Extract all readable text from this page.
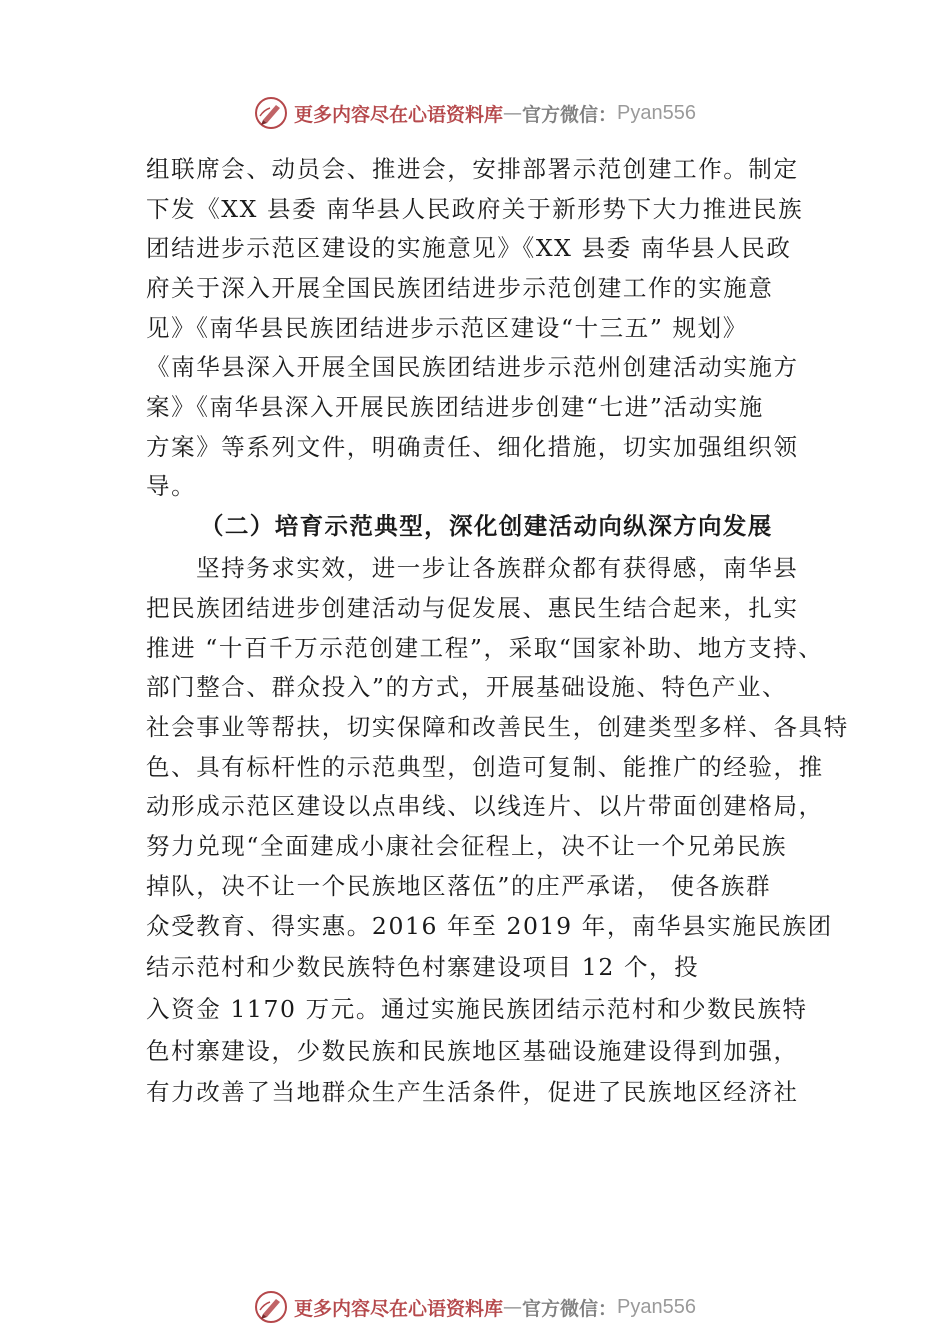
更多内容尽在心语资料库 — 官方微信： Pyan556
组联席会、动员会、推进会，安排部署示范创建工作。制定
下发《XX 县委 南华县人民政府关于新形势下大力推进民族
团结进步示范区建设的实施意见》《XX 县委 南华县人民政
府关于深入开展全国民族团结进步示范创建工作的实施意
见》《南华县民族团结进步示范区建设“十三五” 规划》
《南华县深入开展全国民族团结进步示范州创建活动实施方
案》《南华县深入开展民族团结进步创建“七进”活动实施
方案》等系列文件，明确责任、细化措施，切实加强组织领
导。
（二）培育示范典型，深化创建活动向纵深方向发展
坚持务求实效，进一步让各族群众都有获得感，南华县
把民族团结进步创建活动与促发展、惠民生结合起来，扎实
推进 “十百千万示范创建工程”，采取“国家补助、地方支持、
部门整合、群众投入”的方式，开展基础设施、特色产业、
社会事业等帮扶，切实保障和改善民生，创建类型多样、各具特
色、具有标杆性的示范典型，创造可复制、能推广的经验，推
动形成示范区建设以点串线、以线连片、以片带面创建格局，
努力兑现“全面建成小康社会征程上，决不让一个兄弟民族
掉队，决不让一个民族地区落伍”的庄严承诺， 使各族群
众受教育、得实惠。2016 年至 2019 年，南华县实施民族团
结示范村和少数民族特色村寨建设项目 12 个，投
入资金 1170 万元。通过实施民族团结示范村和少数民族特
色村寨建设，少数民族和民族地区基础设施建设得到加强，
有力改善了当地群众生产生活条件，促进了民族地区经济社
更多内容尽在心语资料库 — 官方微信： Pyan556
